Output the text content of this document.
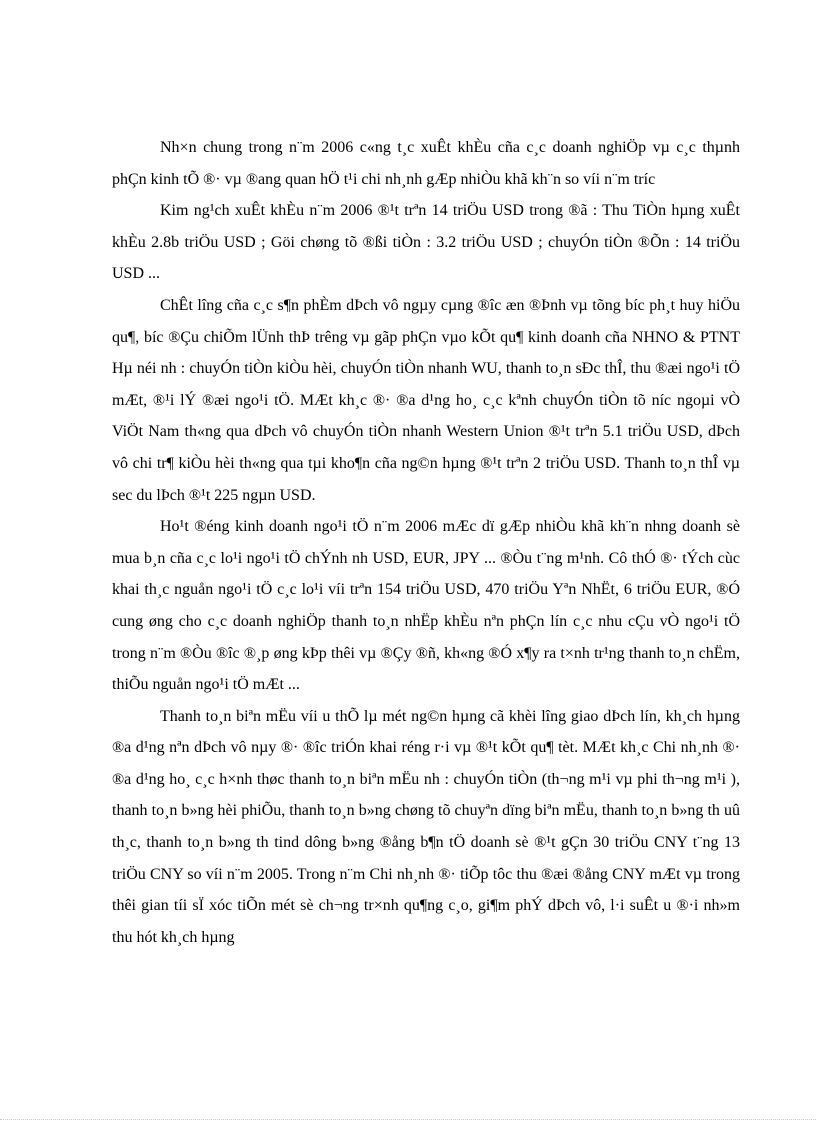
Nh×n chung trong n¨m 2006 c«ng t¸c xuÊt khÈu cña c¸c doanh nghiÖp vµ c¸c thµnh phÇn kinh tÕ ®· vµ ®ang quan hÖ t¹i chi nh¸nh gÆp nhiÒu khã kh¨n so víi n¨m tríc

Kim ng¹ch xuÊt khÈu n¨m 2006 ®¹t trªn 14 triÖu USD trong ®ã : Thu TiÒn hµng xuÊt khÈu 2.8b triÖu USD ; Göi chøng tõ ®ßi tiÒn : 3.2 triÖu USD ; chuyÓn tiÒn ®Õn : 14 triÖu USD ...

ChÊt lîng cña c¸c s¶n phÈm dÞch vô ngµy cµng ®îc æn ®Þnh vµ tõng bíc ph¸t huy hiÖu qu¶, bíc ®Çu chiÕm lÜnh thÞ trêng vµ gãp phÇn vµo kÕt qu¶ kinh doanh cña NHNO & PTNT Hµ néi nh : chuyÓn tiÒn kiÒu hèi, chuyÓn tiÒn nhanh WU, thanh to¸n sÐc thÎ, thu ®æi ngo¹i tÖ mÆt, ®¹i lÝ ®æi ngo¹i tÖ. MÆt kh¸c ®· ®a d¹ng ho¸ c¸c kªnh chuyÓn tiÒn tõ níc ngoµi vÒ ViÖt Nam th«ng qua dÞch vô chuyÓn tiÒn nhanh Western Union ®¹t trªn 5.1 triÖu USD, dÞch vô chi tr¶ kiÒu hèi th«ng qua tµi kho¶n cña ng©n hµng ®¹t trªn 2 triÖu USD. Thanh to¸n thÎ vµ sec du lÞch ®¹t 225 ngµn USD.

Ho¹t ®éng kinh doanh ngo¹i tÖ n¨m 2006 mÆc dï gÆp nhiÒu khã kh¨n nhng doanh sè mua b¸n cña c¸c lo¹i ngo¹i tÖ chÝnh nh USD, EUR, JPY ... ®Òu t¨ng m¹nh. Cô thÓ ®· tÝch cùc khai th¸c nguån ngo¹i tÖ c¸c lo¹i víi trªn 154 triÖu USD, 470 triÖu Yªn NhËt, 6 triÖu EUR, ®Ó cung øng cho c¸c doanh nghiÖp thanh to¸n nhËp khÈu nªn phÇn lín c¸c nhu cÇu vÒ ngo¹i tÖ trong n¨m ®Òu ®îc ®¸p øng kÞp thêi vµ ®Çy ®ñ, kh«ng ®Ó x¶y ra t×nh tr¹ng thanh to¸n chËm, thiÕu nguån ngo¹i tÖ mÆt ...

Thanh to¸n biªn mËu víi u thÕ lµ mét ng©n hµng cã khèi lîng giao dÞch lín, kh¸ch hµng ®a d¹ng nªn dÞch vô nµy ®· ®îc triÓn khai réng r·i vµ ®¹t kÕt qu¶ tèt. MÆt kh¸c Chi nh¸nh ®· ®a d¹ng ho¸ c¸c h×nh thøc thanh to¸n biªn mËu nh : chuyÓn tiÒn (th¬ng m¹i vµ phi th¬ng m¹i ), thanh to¸n b»ng hèi phiÕu, thanh to¸n b»ng chøng tõ chuyªn dïng biªn mËu, thanh to¸n b»ng th uû th¸c, thanh to¸n b»ng th tind dông b»ng ®ång b¶n tÖ doanh sè ®¹t gÇn 30 triÖu CNY t¨ng 13 triÖu CNY so víi n¨m 2005. Trong n¨m Chi nh¸nh ®· tiÕp tôc thu ®æi ®ång CNY mÆt vµ trong thêi gian tíi sÏ xóc tiÕn mét sè ch¬ng tr×nh qu¶ng c¸o, gi¶m phÝ dÞch vô, l·i suÊt u ®·i nh»m thu hót kh¸ch hµng
